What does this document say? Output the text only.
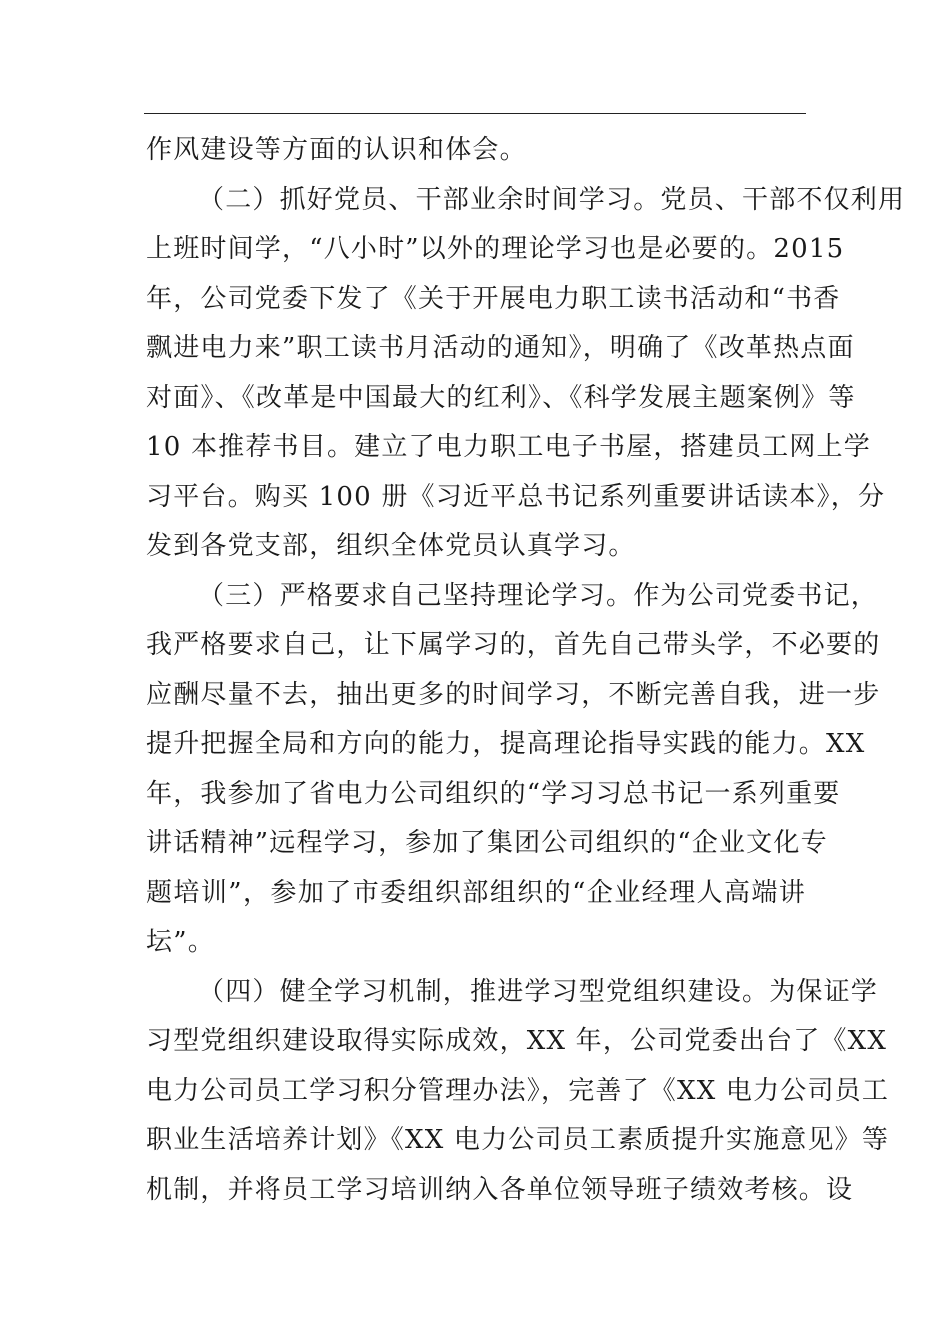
作风建设等方面的认识和体会。
（二）抓好党员、干部业余时间学习。党员、干部不仅利用
上班时间学，“八小时”以外的理论学习也是必要的。2015
年，公司党委下发了《关于开展电力职工读书活动和“书香
飘进电力来”职工读书月活动的通知》，明确了《改革热点面
对面》、《改革是中国最大的红利》、《科学发展主题案例》等
10 本推荐书目。建立了电力职工电子书屋，搭建员工网上学
习平台。购买 100 册《习近平总书记系列重要讲话读本》，分
发到各党支部，组织全体党员认真学习。
（三）严格要求自己坚持理论学习。作为公司党委书记，
我严格要求自己，让下属学习的，首先自己带头学，不必要的
应酬尽量不去，抽出更多的时间学习，不断完善自我，进一步
提升把握全局和方向的能力，提高理论指导实践的能力。XX
年，我参加了省电力公司组织的“学习习总书记一系列重要
讲话精神”远程学习，参加了集团公司组织的“企业文化专
题培训”，参加了市委组织部组织的“企业经理人高端讲
坛”。
（四）健全学习机制，推进学习型党组织建设。为保证学
习型党组织建设取得实际成效，XX 年，公司党委出台了《XX
电力公司员工学习积分管理办法》，完善了《XX 电力公司员工
职业生活培养计划》《XX 电力公司员工素质提升实施意见》等
机制，并将员工学习培训纳入各单位领导班子绩效考核。设
